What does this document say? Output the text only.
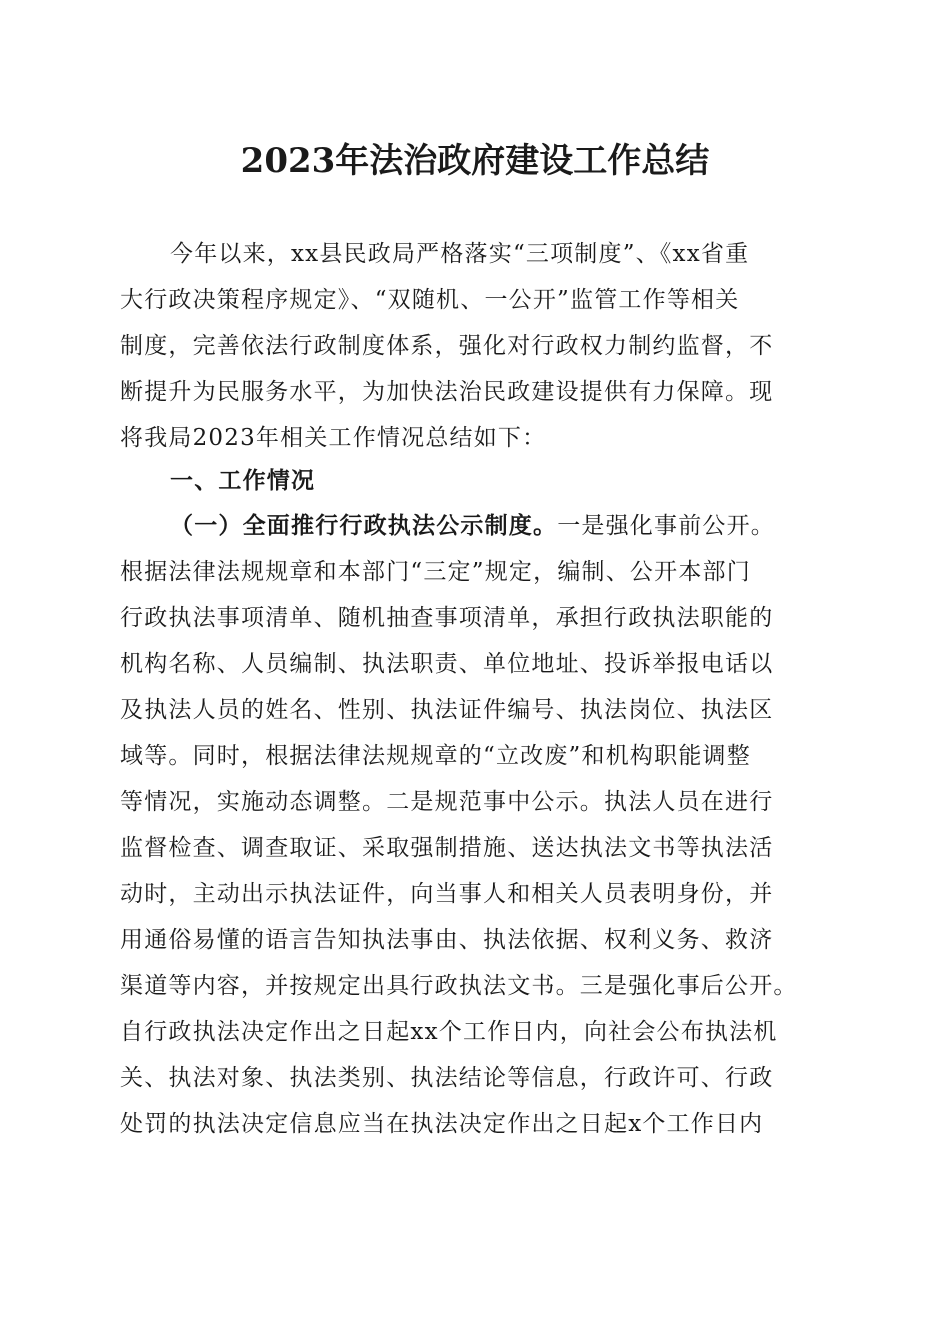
2023年法治政府建设工作总结
今年以来，xx县民政局严格落实“三项制度”、《xx省重
大行政决策程序规定》、“双随机、一公开”监管工作等相关
制度，完善依法行政制度体系，强化对行政权力制约监督，不
断提升为民服务水平，为加快法治民政建设提供有力保障。现
将我局2023年相关工作情况总结如下：
一、工作情况
（一）全面推行行政执法公示制度。一是强化事前公开。
根据法律法规规章和本部门“三定”规定，编制、公开本部门
行政执法事项清单、随机抽查事项清单，承担行政执法职能的
机构名称、人员编制、执法职责、单位地址、投诉举报电话以
及执法人员的姓名、性别、执法证件编号、执法岗位、执法区
域等。同时，根据法律法规规章的“立改废”和机构职能调整
等情况，实施动态调整。二是规范事中公示。执法人员在进行
监督检查、调查取证、采取强制措施、送达执法文书等执法活
动时，主动出示执法证件，向当事人和相关人员表明身份，并
用通俗易懂的语言告知执法事由、执法依据、权利义务、救济
渠道等内容，并按规定出具行政执法文书。三是强化事后公开。
自行政执法决定作出之日起xx个工作日内，向社会公布执法机
关、执法对象、执法类别、执法结论等信息，行政许可、行政
处罚的执法决定信息应当在执法决定作出之日起x个工作日内
